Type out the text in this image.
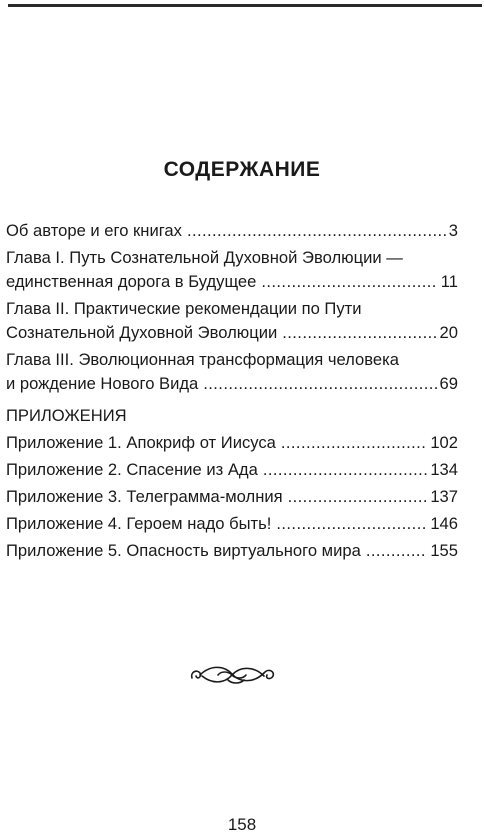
СОДЕРЖАНИЕ
Об авторе и его книгах .....	3
Глава I. Путь Сознательной Духовной Эволюции —
единственная дорога в Будущее .....	11
Глава II. Практические рекомендации по Пути
Сознательной Духовной Эволюции .....	20
Глава III. Эволюционная трансформация человека
и рождение Нового Вида .....	69
ПРИЛОЖЕНИЯ
Приложение 1. Апокриф от Иисуса .....	102
Приложение 2. Спасение из Ада .....	134
Приложение 3. Телеграмма-молния .....	137
Приложение 4. Героем надо быть! .....	146
Приложение 5. Опасность виртуального мира .....	155
158
